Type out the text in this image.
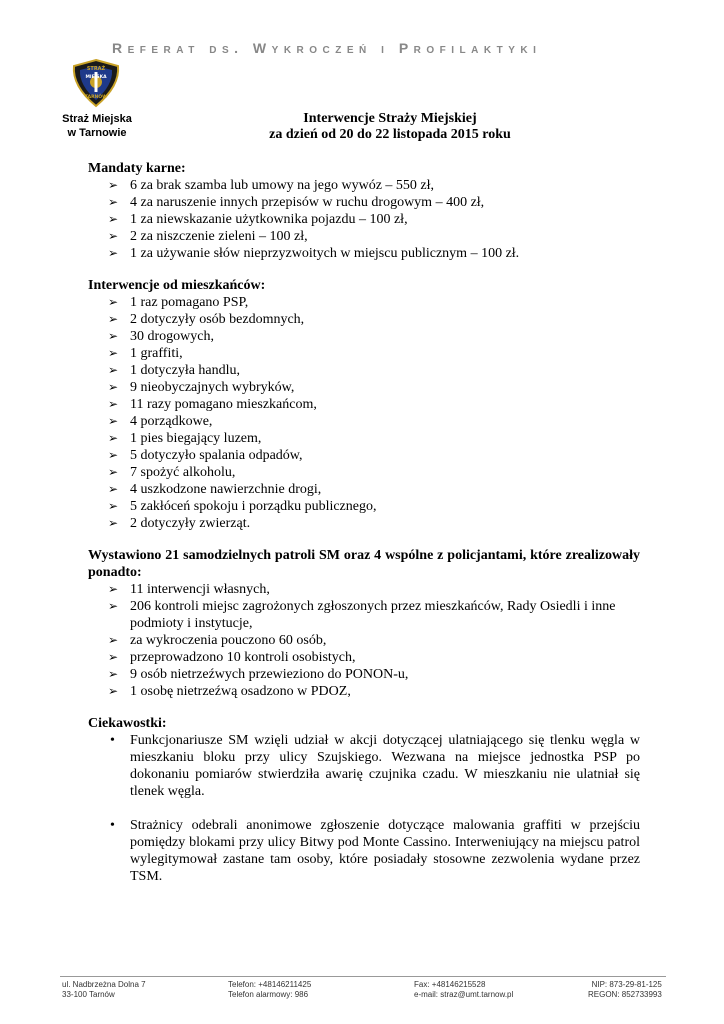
Referat ds. Wykroczeń i Profilaktyki
STRAŻ
MIEJSKA
TARNÓW
Straż Miejska
w Tarnowie
Interwencje Straży Miejskiej
za dzień od 20 do 22 listopada 2015 roku

Mandaty karne:

➢ 6 za brak szamba lub umowy na jego wywóz – 550 zł,
➢ 4 za naruszenie innych przepisów w ruchu drogowym – 400 zł,
➢ 1 za niewskazanie użytkownika pojazdu – 100 zł,
➢ 2 za niszczenie zieleni – 100 zł,
➢ 1 za używanie słów nieprzyzwoitych w miejscu publicznym – 100 zł.

Interwencje od mieszkańców:

➢ 1 raz pomagano PSP,
➢ 2 dotyczyły osób bezdomnych,
➢ 30 drogowych,
➢ 1 graffiti,
➢ 1 dotyczyła handlu,
➢ 9 nieobyczajnych wybryków,
➢ 11 razy pomagano mieszkańcom,
➢ 4 porządkowe,
➢ 1 pies biegający luzem,
➢ 5 dotyczyło spalania odpadów,
➢ 7 spożyć alkoholu,
➢ 4 uszkodzone nawierzchnie drogi,
➢ 5 zakłóceń spokoju i porządku publicznego,
➢ 2 dotyczyły zwierząt.

Wystawiono 21 samodzielnych patroli SM oraz 4 wspólne z policjantami, które zrealizowały ponadto:

➢ 11 interwencji własnych,
➢ 206 kontroli miejsc zagrożonych zgłoszonych przez mieszkańców, Rady Osiedli i inne podmioty i instytucje,
➢ za wykroczenia pouczono 60 osób,
➢ przeprowadzono 10 kontroli osobistych,
➢ 9 osób nietrzeźwych przewieziono do PONON-u,
➢ 1 osobę nietrzeźwą osadzono w PDOZ,

Ciekawostki:

• Funkcjonariusze SM wzięli udział w akcji dotyczącej ulatniającego się tlenku węgla w mieszkaniu bloku przy ulicy Szujskiego. Wezwana na miejsce jednostka PSP po dokonaniu pomiarów stwierdziła awarię czujnika czadu. W mieszkaniu nie ulatniał się tlenek węgla.
• Strażnicy odebrali anonimowe zgłoszenie dotyczące malowania graffiti w przejściu pomiędzy blokami przy ulicy Bitwy pod Monte Cassino. Interweniujący na miejscu patrol wylegitymował zastane tam osoby, które posiadały stosowne zezwolenia wydane przez TSM.
ul. Nadbrzeżna Dolna 7
33-100 Tarnów
Telefon: +48146211425
Telefon alarmowy: 986
Fax: +48146215528
e-mail: straz@umt.tarnow.pl
NIP: 873-29-81-125
REGON: 852733993
